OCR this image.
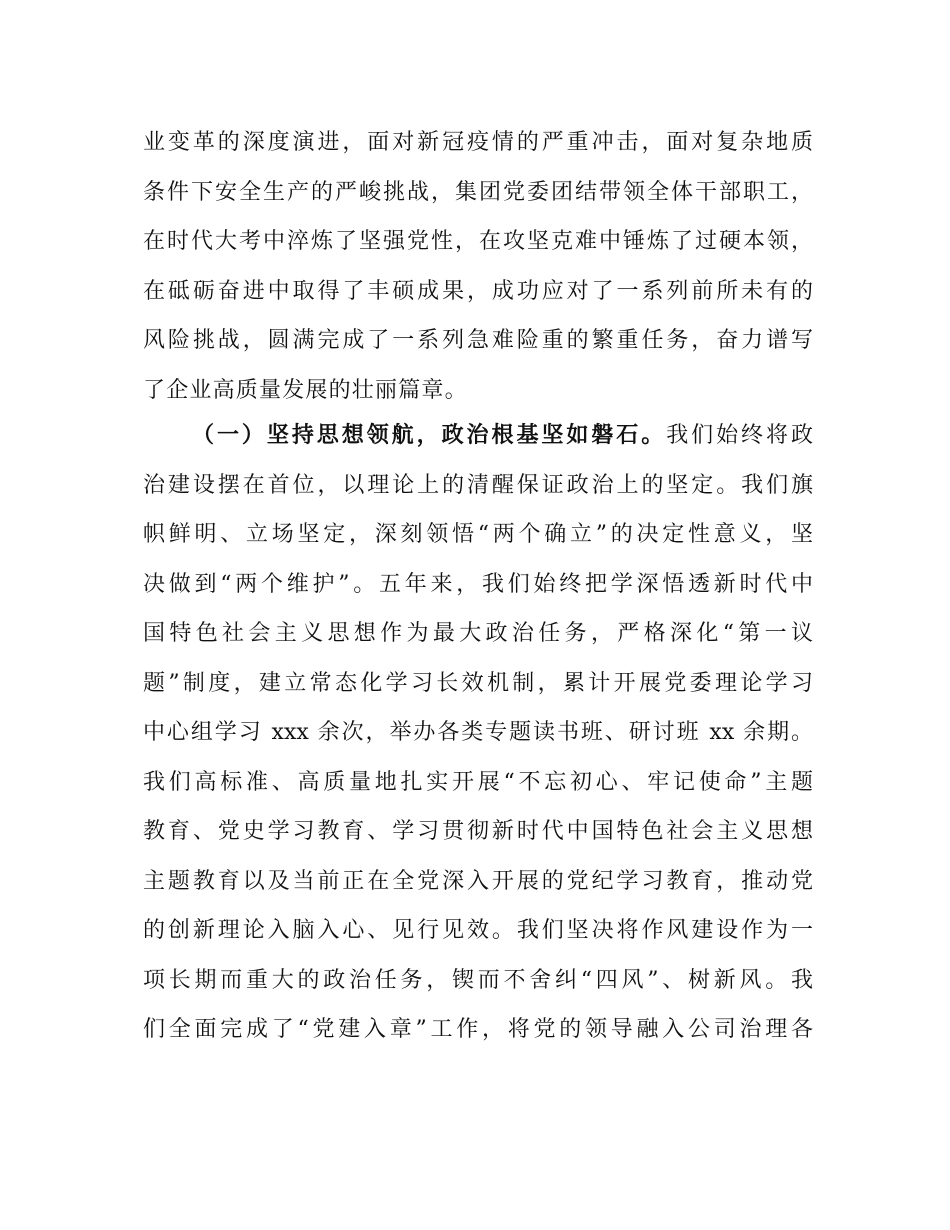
业变革的深度演进，面对新冠疫情的严重冲击，面对复杂地质
条件下安全生产的严峻挑战，集团党委团结带领全体干部职工，
在时代大考中淬炼了坚强党性，在攻坚克难中锤炼了过硬本领，
在砥砺奋进中取得了丰硕成果，成功应对了一系列前所未有的
风险挑战，圆满完成了一系列急难险重的繁重任务，奋力谱写
了企业高质量发展的壮丽篇章。
（一）坚持思想领航，政治根基坚如磐石。我们始终将政
治建设摆在首位，以理论上的清醒保证政治上的坚定。我们旗
帜鲜明、立场坚定，深刻领悟“两个确立”的决定性意义，坚
决做到“两个维护”。五年来，我们始终把学深悟透新时代中
国特色社会主义思想作为最大政治任务，严格深化“第一议
题”制度，建立常态化学习长效机制，累计开展党委理论学习
中心组学习 xxx 余次，举办各类专题读书班、研讨班 xx 余期。
我们高标准、高质量地扎实开展“不忘初心、牢记使命”主题
教育、党史学习教育、学习贯彻新时代中国特色社会主义思想
主题教育以及当前正在全党深入开展的党纪学习教育，推动党
的创新理论入脑入心、见行见效。我们坚决将作风建设作为一
项长期而重大的政治任务，锲而不舍纠“四风”、树新风。我
们全面完成了“党建入章”工作，将党的领导融入公司治理各
